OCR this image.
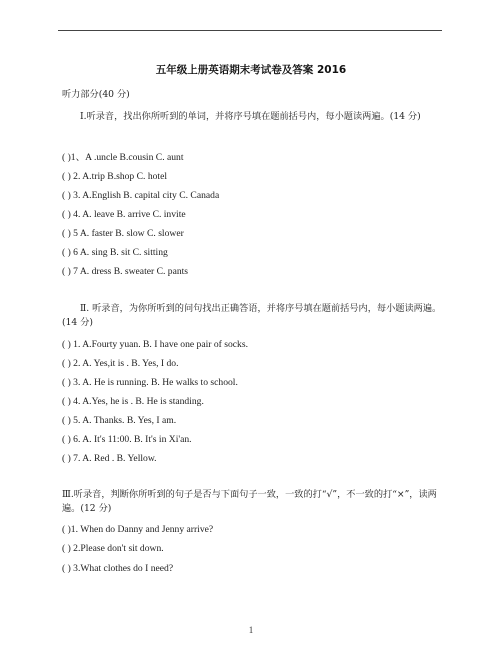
五年级上册英语期末考试卷及答案 2016
听力部分(40 分)
Ⅰ.听录音，找出你所听到的单词，并将序号填在题前括号内，每小题读两遍。(14 分)
( )1、A .uncle B.cousin C. aunt
( ) 2. A.trip B.shop C. hotel
( ) 3. A.English B. capital city C. Canada
( ) 4. A. leave B. arrive C. invite
( ) 5 A. faster B. slow C. slower
( ) 6 A. sing B. sit C. sitting
( ) 7 A. dress B. sweater C. pants
Ⅱ. 听录音，为你所听到的问句找出正确答语，并将序号填在题前括号内，每小题读两遍。(14 分)
( ) 1. A.Fourty yuan. B. I have one pair of socks.
( ) 2. A. Yes,it is . B. Yes, I do.
( ) 3. A. He is running. B. He walks to school.
( ) 4. A.Yes, he is . B. He is standing.
( ) 5. A. Thanks. B. Yes, I am.
( ) 6. A. It's 11:00. B. It's in Xi'an.
( ) 7. A. Red . B. Yellow.
Ⅲ.听录音，判断你所听到的句子是否与下面句子一致，一致的打“√”，不一致的打“×”，读两遍。(12 分)
( )1. When do Danny and Jenny arrive?
( ) 2.Please don't sit down.
( ) 3.What clothes do I need?
1
